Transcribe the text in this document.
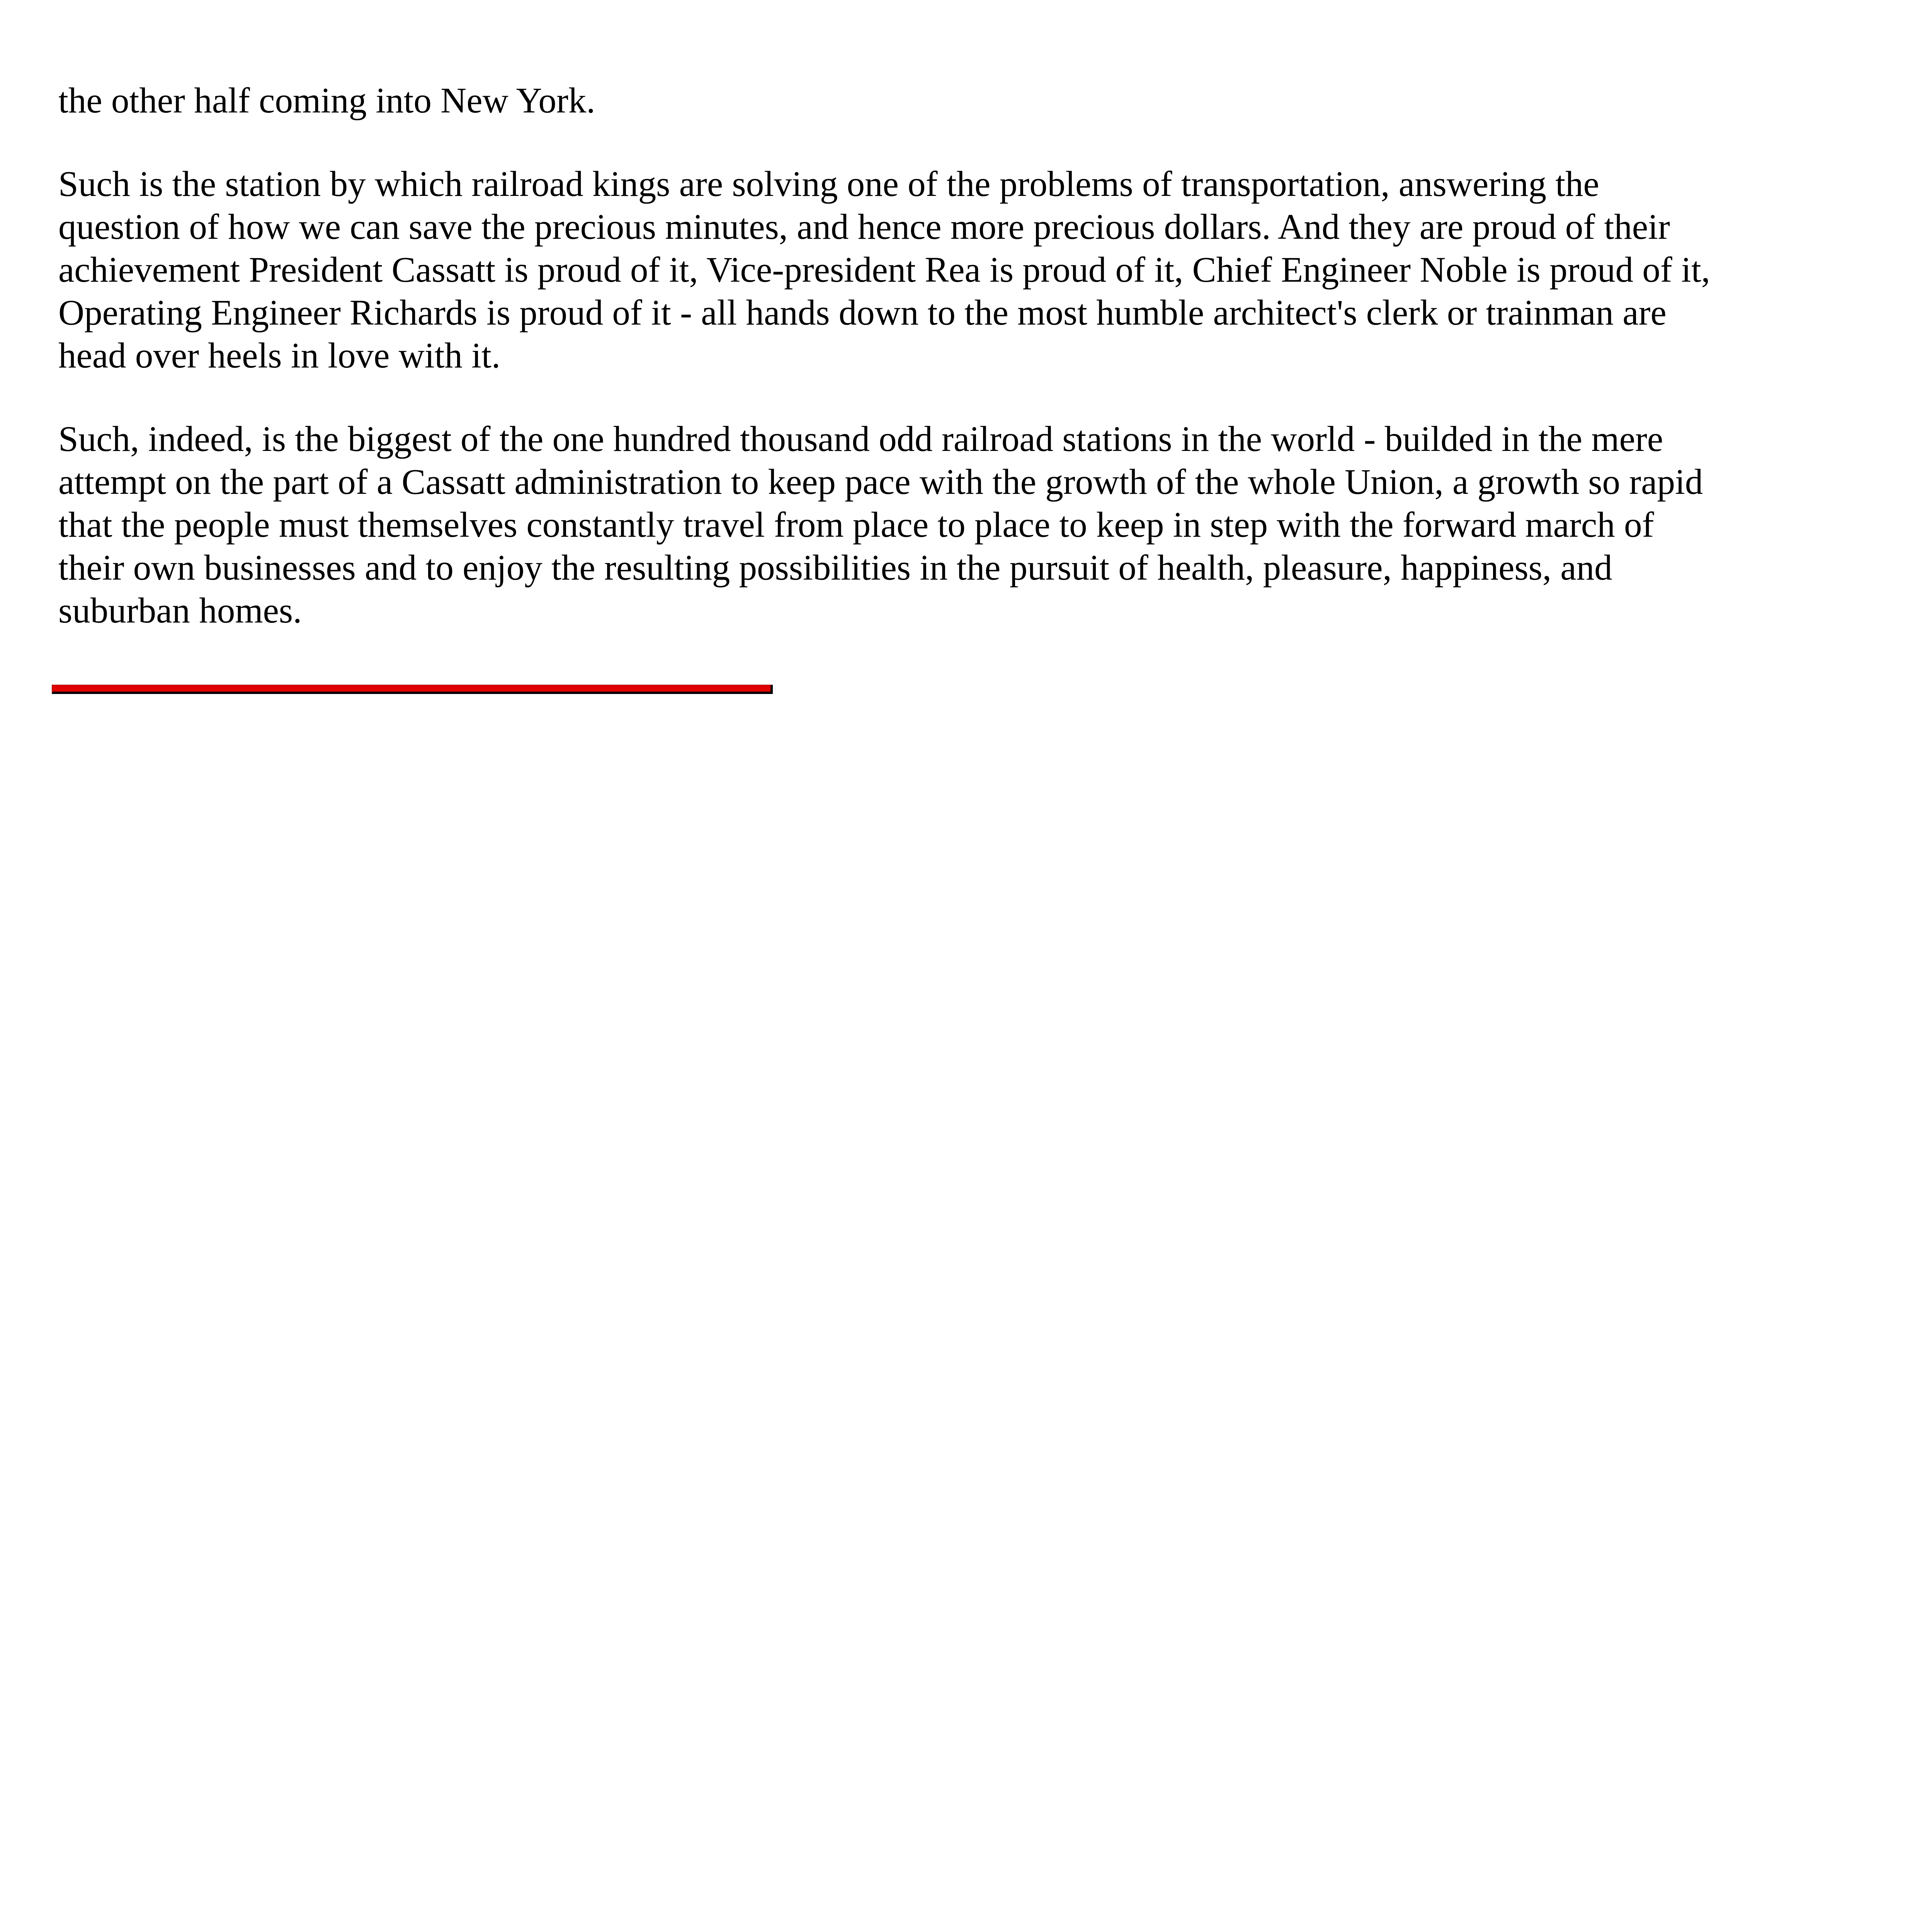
the other half coming into New York.

Such is the station by which railroad kings are solving one of the problems of transportation, answering the question of how we can save the precious minutes, and hence more precious dollars. And they are proud of their achievement President Cassatt is proud of it, Vice-president Rea is proud of it, Chief Engineer Noble is proud of it, Operating Engineer Richards is proud of it - all hands down to the most humble architect's clerk or trainman are head over heels in love with it.

Such, indeed, is the biggest of the one hundred thousand odd railroad stations in the world - builded in the mere attempt on the part of a Cassatt administration to keep pace with the growth of the whole Union, a growth so rapid that the people must themselves constantly travel from place to place to keep in step with the forward march of their own businesses and to enjoy the resulting possibilities in the pursuit of health, pleasure, happiness, and suburban homes.
